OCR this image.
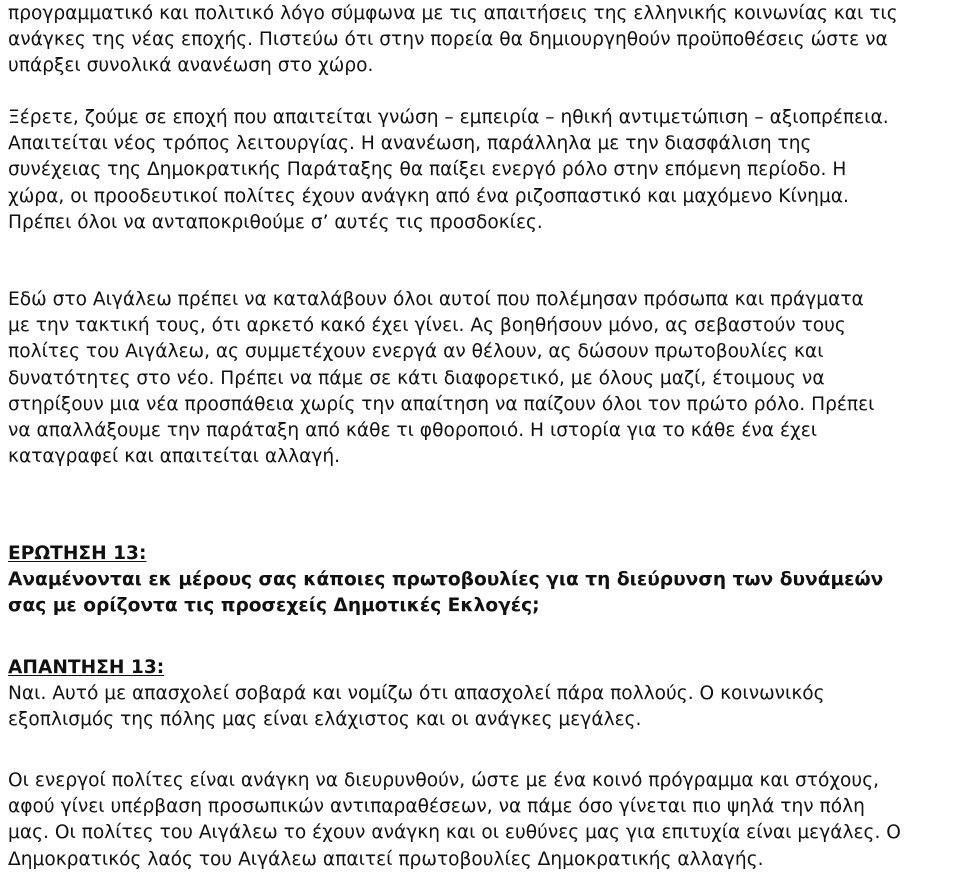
προγραμματικό και πολιτικό λόγο σύμφωνα με τις απαιτήσεις της ελληνικής κοινωνίας και τις
ανάγκες της νέας εποχής. Πιστεύω ότι στην πορεία θα δημιουργηθούν προϋποθέσεις ώστε να
υπάρξει συνολικά ανανέωση στο χώρο.
Ξέρετε, ζούμε σε εποχή που απαιτείται γνώση – εμπειρία – ηθική αντιμετώπιση – αξιοπρέπεια.
Απαιτείται νέος τρόπος λειτουργίας. Η ανανέωση, παράλληλα με την διασφάλιση της
συνέχειας της Δημοκρατικής Παράταξης θα παίξει ενεργό ρόλο στην επόμενη περίοδο. Η
χώρα, οι προοδευτικοί πολίτες έχουν ανάγκη από ένα ριζοσπαστικό και μαχόμενο Κίνημα.
Πρέπει όλοι να ανταποκριθούμε σ’ αυτές τις προσδοκίες.
Εδώ στο Αιγάλεω πρέπει να καταλάβουν όλοι αυτοί που πολέμησαν πρόσωπα και πράγματα
με την τακτική τους, ότι αρκετό κακό έχει γίνει. Ας βοηθήσουν μόνο, ας σεβαστούν τους
πολίτες του Αιγάλεω, ας συμμετέχουν ενεργά αν θέλουν, ας δώσουν πρωτοβουλίες και
δυνατότητες στο νέο. Πρέπει να πάμε σε κάτι διαφορετικό, με όλους μαζί, έτοιμους να
στηρίξουν μια νέα προσπάθεια χωρίς την απαίτηση να παίζουν όλοι τον πρώτο ρόλο. Πρέπει
να απαλλάξουμε την παράταξη από κάθε τι φθοροποιό. Η ιστορία για το κάθε ένα έχει
καταγραφεί και απαιτείται αλλαγή.
ΕΡΩΤΗΣΗ 13:
Αναμένονται εκ μέρους σας κάποιες πρωτοβουλίες για τη διεύρυνση των δυνάμεών
σας με ορίζοντα τις προσεχείς Δημοτικές Εκλογές;
ΑΠΑΝΤΗΣΗ 13:
Ναι. Αυτό με απασχολεί σοβαρά και νομίζω ότι απασχολεί πάρα πολλούς. Ο κοινωνικός
εξοπλισμός της πόλης μας είναι ελάχιστος και οι ανάγκες μεγάλες.
Οι ενεργοί πολίτες είναι ανάγκη να διευρυνθούν, ώστε με ένα κοινό πρόγραμμα και στόχους,
αφού γίνει υπέρβαση προσωπικών αντιπαραθέσεων, να πάμε όσο γίνεται πιο ψηλά την πόλη
μας. Οι πολίτες του Αιγάλεω το έχουν ανάγκη και οι ευθύνες μας για επιτυχία είναι μεγάλες. Ο
Δημοκρατικός λαός του Αιγάλεω απαιτεί πρωτοβουλίες Δημοκρατικής αλλαγής.
